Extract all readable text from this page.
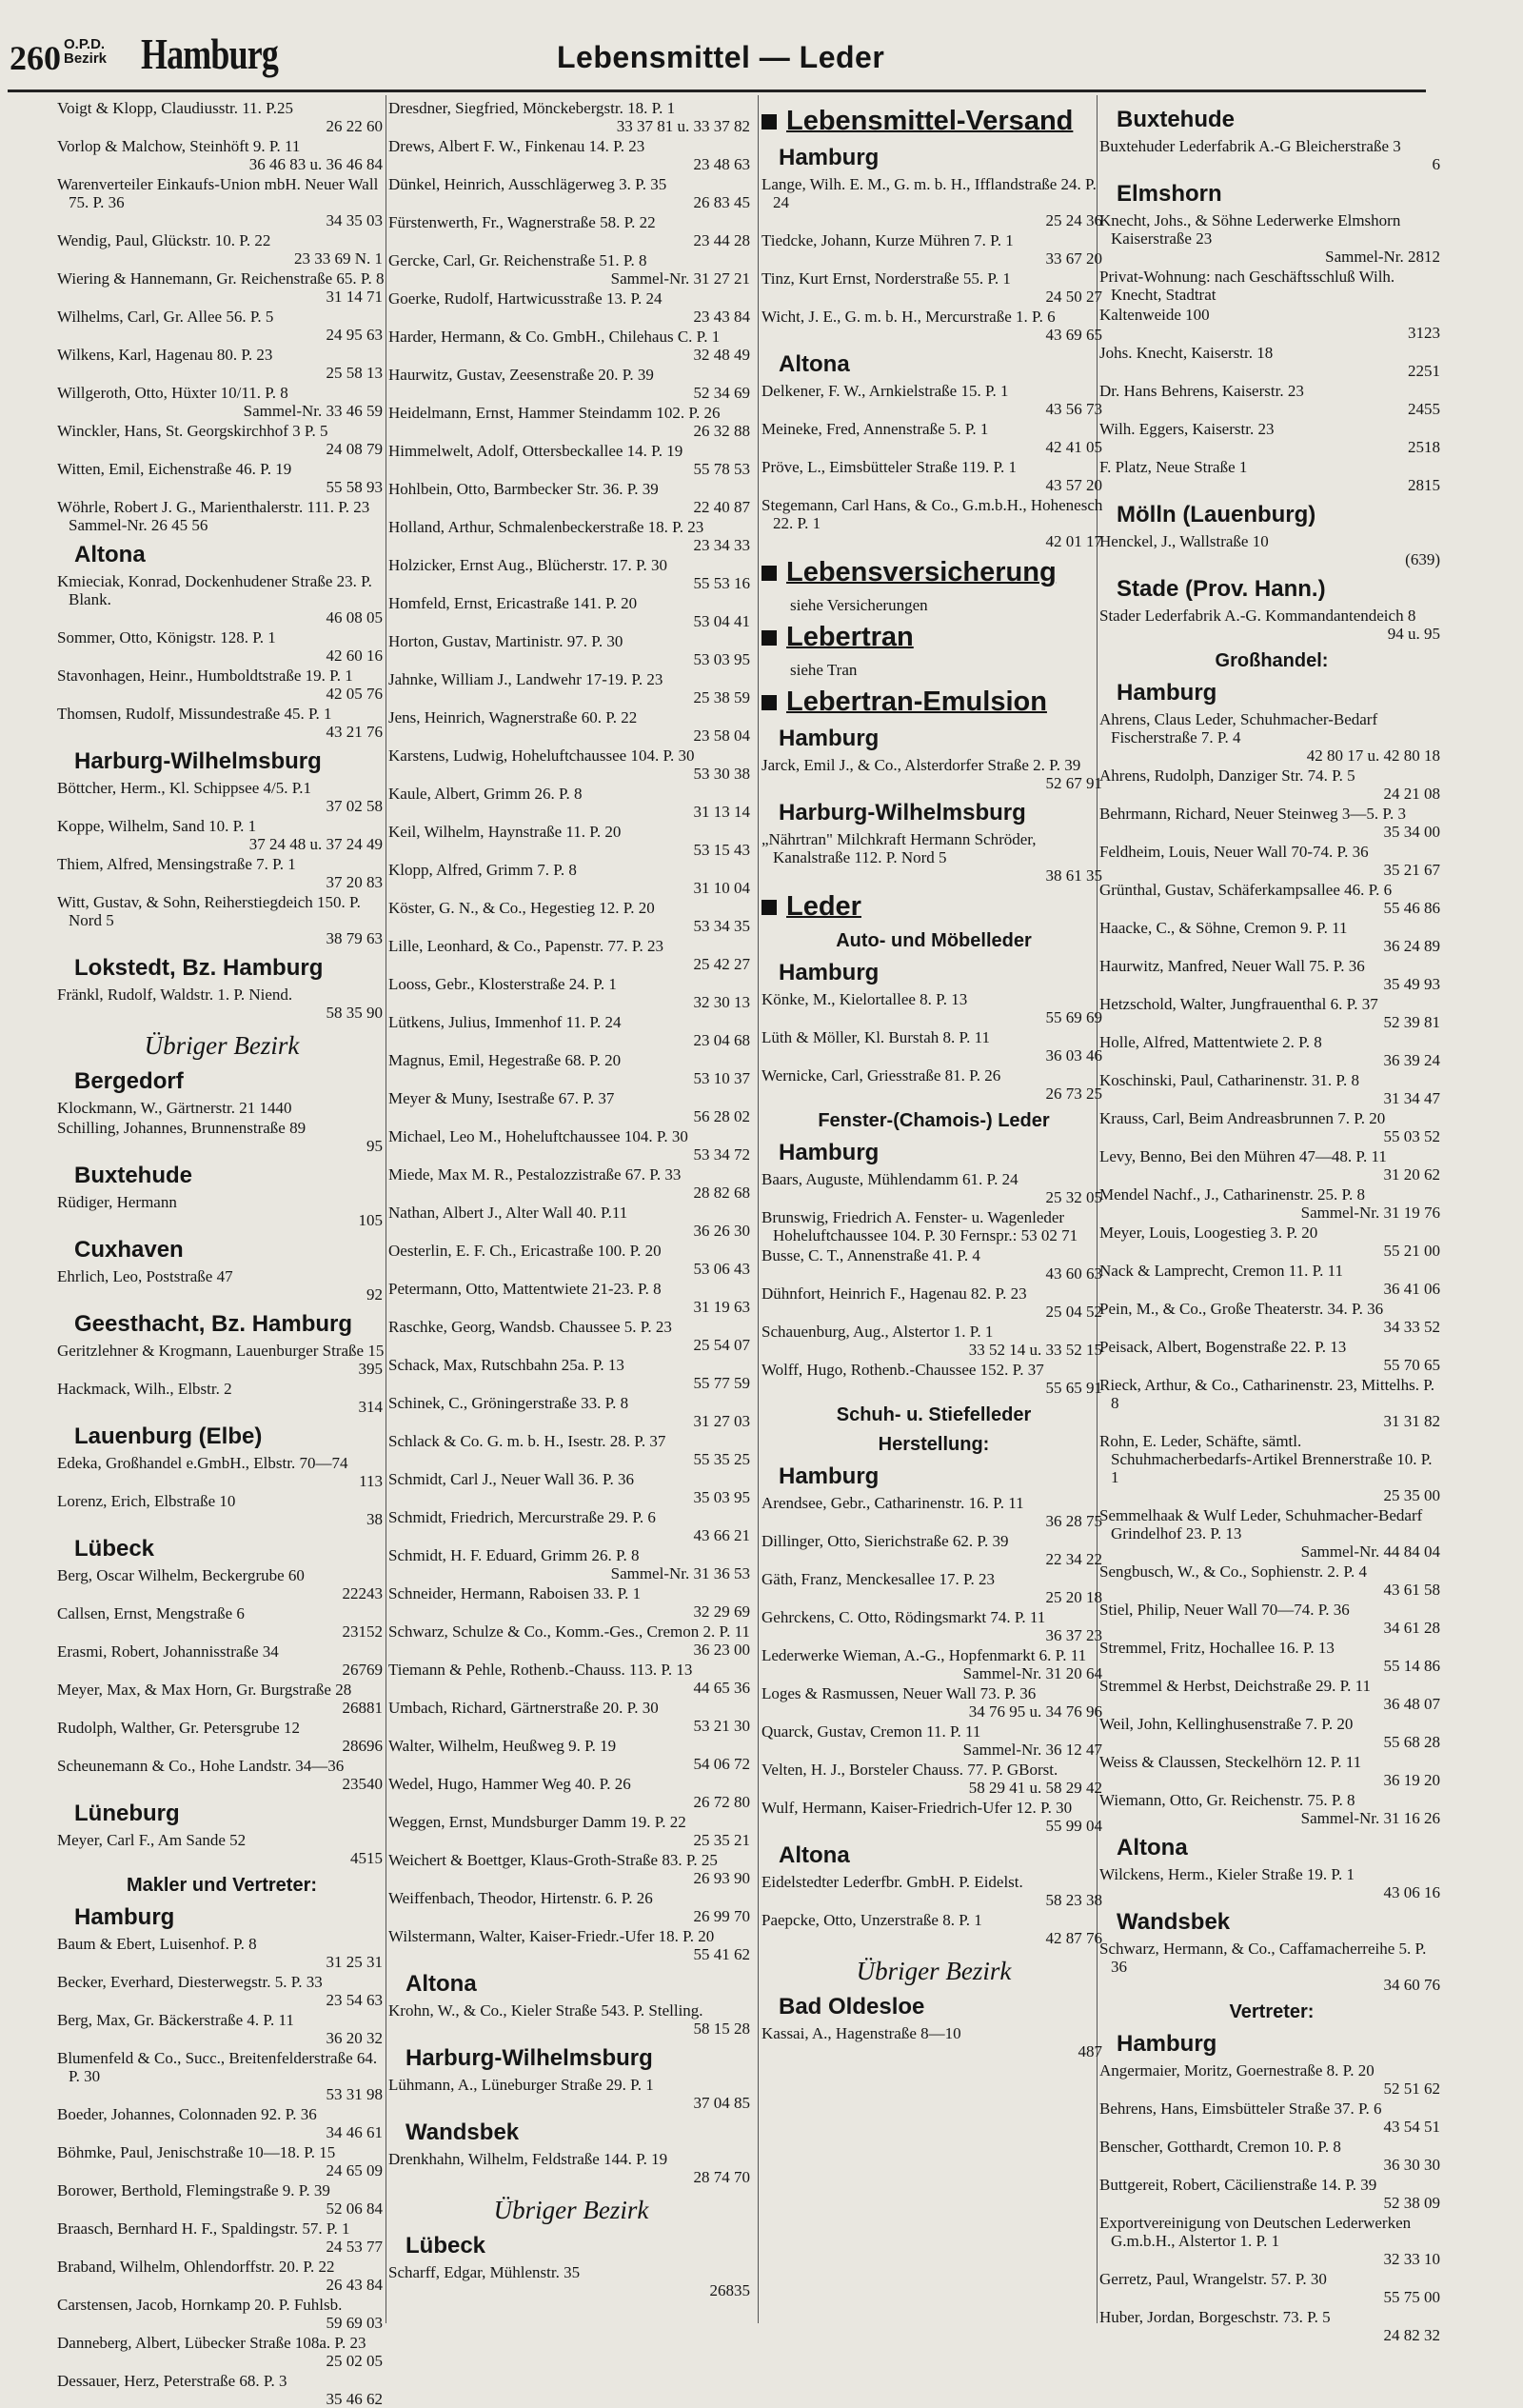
260 O.P.D.
Bezirk Hamburg	Lebensmittel — Leder
Voigt & Klopp, Claudiusstr. 11. P.25
26 22 60
Vorlop & Malchow, Steinhöft 9. P. 11
36 46 83 u. 36 46 84
Warenverteiler Einkaufs-Union mbH. Neuer Wall 75. P. 36
34 35 03
Wendig, Paul, Glückstr. 10. P. 22
23 33 69 N. 1
Wiering & Hannemann, Gr. Reichenstraße 65. P. 8
31 14 71
Wilhelms, Carl, Gr. Allee 56. P. 5
24 95 63
Wilkens, Karl, Hagenau 80. P. 23
25 58 13
Willgeroth, Otto, Hüxter 10/11. P. 8
Sammel-Nr. 33 46 59
Winckler, Hans, St. Georgskirchhof 3 P. 5
24 08 79
Witten, Emil, Eichenstraße 46. P. 19
55 58 93
Wöhrle, Robert J. G., Marienthalerstr. 111. P. 23 Sammel-Nr. 26 45 56
Altona
Kmieciak, Konrad, Dockenhudener Straße 23. P. Blank.
46 08 05
Sommer, Otto, Königstr. 128. P. 1
42 60 16
Stavonhagen, Heinr., Humboldtstraße 19. P. 1
42 05 76
Thomsen, Rudolf, Missundestraße 45. P. 1
43 21 76
Harburg-Wilhelmsburg
Böttcher, Herm., Kl. Schippsee 4/5. P.1
37 02 58
Koppe, Wilhelm, Sand 10. P. 1
37 24 48 u. 37 24 49
Thiem, Alfred, Mensingstraße 7. P. 1
37 20 83
Witt, Gustav, & Sohn, Reiherstiegdeich 150. P. Nord 5
38 79 63
Lokstedt, Bz. Hamburg
Fränkl, Rudolf, Waldstr. 1. P. Niend.
58 35 90
Übriger Bezirk
Bergedorf
Klockmann, W., Gärtnerstr. 21 1440
Schilling, Johannes, Brunnenstraße 89
95
Buxtehude
Rüdiger, Hermann
105
Cuxhaven
Ehrlich, Leo, Poststraße 47
92
Geesthacht, Bz. Hamburg
Geritzlehner & Krogmann, Lauenburger Straße 15
395
Hackmack, Wilh., Elbstr. 2
314
Lauenburg (Elbe)
Edeka, Großhandel e.GmbH., Elbstr. 70—74
113
Lorenz, Erich, Elbstraße 10
38
Lübeck
Berg, Oscar Wilhelm, Beckergrube 60
22243
Callsen, Ernst, Mengstraße 6
23152
Erasmi, Robert, Johannisstraße 34
26769
Meyer, Max, & Max Horn, Gr. Burgstraße 28
26881
Rudolph, Walther, Gr. Petersgrube 12
28696
Scheunemann & Co., Hohe Landstr. 34—36
23540
Lüneburg
Meyer, Carl F., Am Sande 52
4515
Makler und Vertreter:
Hamburg
Baum & Ebert, Luisenhof. P. 8
31 25 31
Becker, Everhard, Diesterwegstr. 5. P. 33
23 54 63
Berg, Max, Gr. Bäckerstraße 4. P. 11
36 20 32
Blumenfeld & Co., Succ., Breitenfelderstraße 64. P. 30
53 31 98
Boeder, Johannes, Colonnaden 92. P. 36
34 46 61
Böhmke, Paul, Jenischstraße 10—18. P. 15
24 65 09
Borower, Berthold, Flemingstraße 9. P. 39
52 06 84
Braasch, Bernhard H. F., Spaldingstr. 57. P. 1
24 53 77
Braband, Wilhelm, Ohlendorffstr. 20. P. 22
26 43 84
Carstensen, Jacob, Hornkamp 20. P. Fuhlsb.
59 69 03
Danneberg, Albert, Lübecker Straße 108a. P. 23
25 02 05
Dessauer, Herz, Peterstraße 68. P. 3
35 46 62
Dresdner, Siegfried, Mönckebergstr. 18. P. 1
33 37 81 u. 33 37 82
Drews, Albert F. W., Finkenau 14. P. 23
23 48 63
Dünkel, Heinrich, Ausschlägerweg 3. P. 35
26 83 45
Fürstenwerth, Fr., Wagnerstraße 58. P. 22
23 44 28
Gercke, Carl, Gr. Reichenstraße 51. P. 8
Sammel-Nr. 31 27 21
Goerke, Rudolf, Hartwicusstraße 13. P. 24
23 43 84
Harder, Hermann, & Co. GmbH., Chilehaus C. P. 1
32 48 49
Haurwitz, Gustav, Zeesenstraße 20. P. 39
52 34 69
Heidelmann, Ernst, Hammer Steindamm 102. P. 26
26 32 88
Himmelwelt, Adolf, Ottersbeckallee 14. P. 19
55 78 53
Hohlbein, Otto, Barmbecker Str. 36. P. 39
22 40 87
Holland, Arthur, Schmalenbeckerstraße 18. P. 23
23 34 33
Holzicker, Ernst Aug., Blücherstr. 17. P. 30
55 53 16
Homfeld, Ernst, Ericastraße 141. P. 20
53 04 41
Horton, Gustav, Martinistr. 97. P. 30
53 03 95
Jahnke, William J., Landwehr 17-19. P. 23
25 38 59
Jens, Heinrich, Wagnerstraße 60. P. 22
23 58 04
Karstens, Ludwig, Hoheluftchaussee 104. P. 30
53 30 38
Kaule, Albert, Grimm 26. P. 8
31 13 14
Keil, Wilhelm, Haynstraße 11. P. 20
53 15 43
Klopp, Alfred, Grimm 7. P. 8
31 10 04
Köster, G. N., & Co., Hegestieg 12. P. 20
53 34 35
Lille, Leonhard, & Co., Papenstr. 77. P. 23
25 42 27
Looss, Gebr., Klosterstraße 24. P. 1
32 30 13
Lütkens, Julius, Immenhof 11. P. 24
23 04 68
Magnus, Emil, Hegestraße 68. P. 20
53 10 37
Meyer & Muny, Isestraße 67. P. 37
56 28 02
Michael, Leo M., Hoheluftchaussee 104. P. 30
53 34 72
Miede, Max M. R., Pestalozzistraße 67. P. 33
28 82 68
Nathan, Albert J., Alter Wall 40. P.11
36 26 30
Oesterlin, E. F. Ch., Ericastraße 100. P. 20
53 06 43
Petermann, Otto, Mattentwiete 21-23. P. 8
31 19 63
Raschke, Georg, Wandsb. Chaussee 5. P. 23
25 54 07
Schack, Max, Rutschbahn 25a. P. 13
55 77 59
Schinek, C., Gröningerstraße 33. P. 8
31 27 03
Schlack & Co. G. m. b. H., Isestr. 28. P. 37
55 35 25
Schmidt, Carl J., Neuer Wall 36. P. 36
35 03 95
Schmidt, Friedrich, Mercurstraße 29. P. 6
43 66 21
Schmidt, H. F. Eduard, Grimm 26. P. 8
Sammel-Nr. 31 36 53
Schneider, Hermann, Raboisen 33. P. 1
32 29 69
Schwarz, Schulze & Co., Komm.-Ges., Cremon 2. P. 11
36 23 00
Tiemann & Pehle, Rothenb.-Chauss. 113. P. 13
44 65 36
Umbach, Richard, Gärtnerstraße 20. P. 30
53 21 30
Walter, Wilhelm, Heußweg 9. P. 19
54 06 72
Wedel, Hugo, Hammer Weg 40. P. 26
26 72 80
Weggen, Ernst, Mundsburger Damm 19. P. 22
25 35 21
Weichert & Boettger, Klaus-Groth-Straße 83. P. 25
26 93 90
Weiffenbach, Theodor, Hirtenstr. 6. P. 26
26 99 70
Wilstermann, Walter, Kaiser-Friedr.-Ufer 18. P. 20
55 41 62
Altona
Krohn, W., & Co., Kieler Straße 543. P. Stelling.
58 15 28
Harburg-Wilhelmsburg
Lühmann, A., Lüneburger Straße 29. P. 1
37 04 85
Wandsbek
Drenkhahn, Wilhelm, Feldstraße 144. P. 19
28 74 70
Übriger Bezirk
Lübeck
Scharff, Edgar, Mühlenstr. 35
26835
Lebensmittel-Versand
Hamburg
Lange, Wilh. E. M., G. m. b. H., Ifflandstraße 24. P. 24
25 24 36
Tiedcke, Johann, Kurze Mühren 7. P. 1
33 67 20
Tinz, Kurt Ernst, Norderstraße 55. P. 1
24 50 27
Wicht, J. E., G. m. b. H., Mercurstraße 1. P. 6
43 69 65
Altona
Delkener, F. W., Arnkielstraße 15. P. 1
43 56 73
Meineke, Fred, Annenstraße 5. P. 1
42 41 05
Pröve, L., Eimsbütteler Straße 119. P. 1
43 57 20
Stegemann, Carl Hans, & Co., G.m.b.H., Hohenesch 22. P. 1
42 01 17
Lebensversicherung
siehe Versicherungen
Lebertran
siehe Tran
Lebertran-Emulsion
Hamburg
Jarck, Emil J., & Co., Alsterdorfer Straße 2. P. 39
52 67 91
Harburg-Wilhelmsburg
„Nährtran" Milchkraft Hermann Schröder, Kanalstraße 112. P. Nord 5
38 61 35
Leder
Auto- und Möbelleder
Hamburg
Könke, M., Kielortallee 8. P. 13
55 69 69
Lüth & Möller, Kl. Burstah 8. P. 11
36 03 46
Wernicke, Carl, Griesstraße 81. P. 26
26 73 25
Fenster-(Chamois-) Leder
Hamburg
Baars, Auguste, Mühlendamm 61. P. 24
25 32 05
Brunswig, Friedrich A. Fenster- u. Wagenleder Hoheluftchaussee 104. P. 30 Fernspr.: 53 02 71
Busse, C. T., Annenstraße 41. P. 4
43 60 63
Dühnfort, Heinrich F., Hagenau 82. P. 23
25 04 52
Schauenburg, Aug., Alstertor 1. P. 1
33 52 14 u. 33 52 15
Wolff, Hugo, Rothenb.-Chaussee 152. P. 37
55 65 91
Schuh- u. Stiefelleder
Herstellung:
Hamburg
Arendsee, Gebr., Catharinenstr. 16. P. 11
36 28 75
Dillinger, Otto, Sierichstraße 62. P. 39
22 34 22
Gäth, Franz, Menckesallee 17. P. 23
25 20 18
Gehrckens, C. Otto, Rödingsmarkt 74. P. 11
36 37 23
Lederwerke Wieman, A.-G., Hopfenmarkt 6. P. 11
Sammel-Nr. 31 20 64
Loges & Rasmussen, Neuer Wall 73. P. 36
34 76 95 u. 34 76 96
Quarck, Gustav, Cremon 11. P. 11
Sammel-Nr. 36 12 47
Velten, H. J., Borsteler Chauss. 77. P. GBorst.
58 29 41 u. 58 29 42
Wulf, Hermann, Kaiser-Friedrich-Ufer 12. P. 30
55 99 04
Altona
Eidelstedter Lederfbr. GmbH. P. Eidelst.
58 23 38
Paepcke, Otto, Unzerstraße 8. P. 1
42 87 76
Übriger Bezirk
Bad Oldesloe
Kassai, A., Hagenstraße 8—10
487
Buxtehude
Buxtehuder Lederfabrik A.-G Bleicherstraße 3
6
Elmshorn
Knecht, Johs., & Söhne Lederwerke Elmshorn Kaiserstraße 23
Sammel-Nr. 2812
Privat-Wohnung: nach Geschäftsschluß Wilh. Knecht, Stadtrat
Kaltenweide 100
3123
Johs. Knecht, Kaiserstr. 18
2251
Dr. Hans Behrens, Kaiserstr. 23
2455
Wilh. Eggers, Kaiserstr. 23
2518
F. Platz, Neue Straße 1
2815
Mölln (Lauenburg)
Henckel, J., Wallstraße 10
(639)
Stade (Prov. Hann.)
Stader Lederfabrik A.-G. Kommandantendeich 8
94 u. 95
Großhandel:
Hamburg
Ahrens, Claus Leder, Schuhmacher-Bedarf Fischerstraße 7. P. 4
42 80 17 u. 42 80 18
Ahrens, Rudolph, Danziger Str. 74. P. 5
24 21 08
Behrmann, Richard, Neuer Steinweg 3—5. P. 3
35 34 00
Feldheim, Louis, Neuer Wall 70-74. P. 36
35 21 67
Grünthal, Gustav, Schäferkampsallee 46. P. 6
55 46 86
Haacke, C., & Söhne, Cremon 9. P. 11
36 24 89
Haurwitz, Manfred, Neuer Wall 75. P. 36
35 49 93
Hetzschold, Walter, Jungfrauenthal 6. P. 37
52 39 81
Holle, Alfred, Mattentwiete 2. P. 8
36 39 24
Koschinski, Paul, Catharinenstr. 31. P. 8
31 34 47
Krauss, Carl, Beim Andreasbrunnen 7. P. 20
55 03 52
Levy, Benno, Bei den Mühren 47—48. P. 11
31 20 62
Mendel Nachf., J., Catharinenstr. 25. P. 8
Sammel-Nr. 31 19 76
Meyer, Louis, Loogestieg 3. P. 20
55 21 00
Nack & Lamprecht, Cremon 11. P. 11
36 41 06
Pein, M., & Co., Große Theaterstr. 34. P. 36
34 33 52
Peisack, Albert, Bogenstraße 22. P. 13
55 70 65
Rieck, Arthur, & Co., Catharinenstr. 23, Mittelhs. P. 8
31 31 82
Rohn, E. Leder, Schäfte, sämtl. Schuhmacherbedarfs-Artikel Brennerstraße 10. P. 1
25 35 00
Semmelhaak & Wulf Leder, Schuhmacher-Bedarf Grindelhof 23. P. 13
Sammel-Nr. 44 84 04
Sengbusch, W., & Co., Sophienstr. 2. P. 4
43 61 58
Stiel, Philip, Neuer Wall 70—74. P. 36
34 61 28
Stremmel, Fritz, Hochallee 16. P. 13
55 14 86
Stremmel & Herbst, Deichstraße 29. P. 11
36 48 07
Weil, John, Kellinghusenstraße 7. P. 20
55 68 28
Weiss & Claussen, Steckelhörn 12. P. 11
36 19 20
Wiemann, Otto, Gr. Reichenstr. 75. P. 8
Sammel-Nr. 31 16 26
Altona
Wilckens, Herm., Kieler Straße 19. P. 1
43 06 16
Wandsbek
Schwarz, Hermann, & Co., Caffamacherreihe 5. P. 36
34 60 76
Vertreter:
Hamburg
Angermaier, Moritz, Goernestraße 8. P. 20
52 51 62
Behrens, Hans, Eimsbütteler Straße 37. P. 6
43 54 51
Benscher, Gotthardt, Cremon 10. P. 8
36 30 30
Buttgereit, Robert, Cäcilienstraße 14. P. 39
52 38 09
Exportvereinigung von Deutschen Lederwerken G.m.b.H., Alstertor 1. P. 1
32 33 10
Gerretz, Paul, Wrangelstr. 57. P. 30
55 75 00
Huber, Jordan, Borgeschstr. 73. P. 5
24 82 32
